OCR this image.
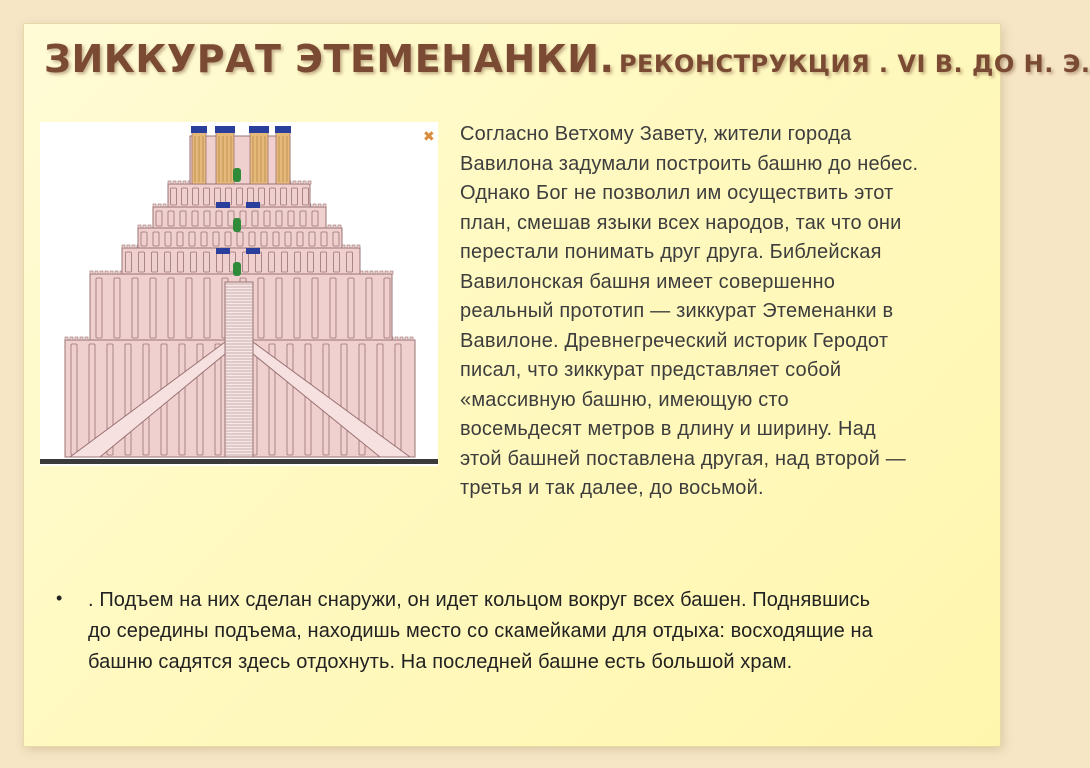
ЗИККУРАТ ЭТЕМЕНАНКИ. РЕКОНСТРУКЦИЯ . VI В. ДО Н. Э.
✖ Согласно Ветхому Завету, жители города
Вавилона задумали построить башню до небес.
Однако Бог не позволил им осуществить этот
план, смешав языки всех народов, так что они
перестали понимать друг друга. Библейская
Вавилонская башня имеет совершенно
реальный прототип — зиккурат Этеменанки в
Вавилоне. Древнегреческий историк Геродот
писал, что зиккурат представляет собой
«массивную башню, имеющую сто
восемьдесят метров в длину и ширину. Над
этой башней поставлена другая, над второй —
третья и так далее, до восьмой.
• . Подъем на них сделан снаружи, он идет кольцом вокруг всех башен. Поднявшись
до середины подъема, находишь место со скамейками для отдыха: восходящие на
башню садятся здесь отдохнуть. На последней башне есть большой храм.
